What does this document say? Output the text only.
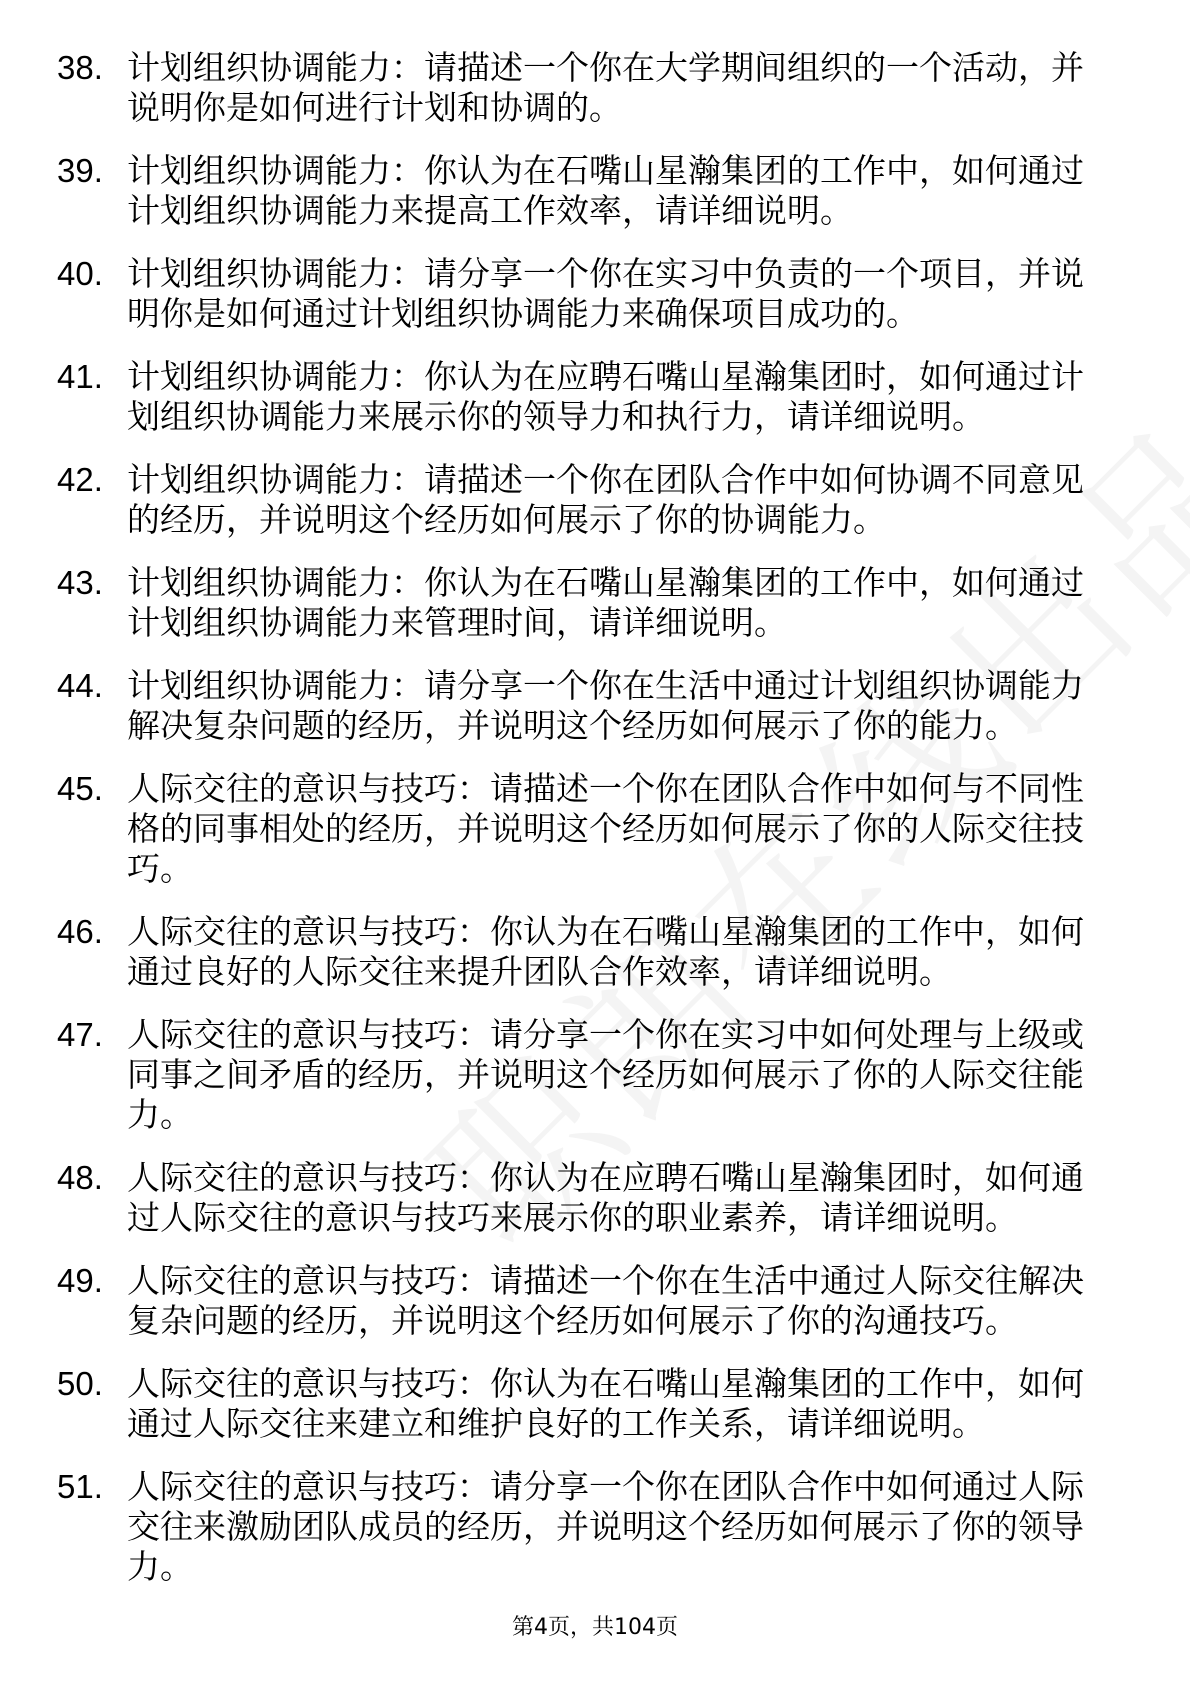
38. 计划组织协调能力：请描述一个你在大学期间组织的一个活动，并说明你是如何进行计划和协调的。
39. 计划组织协调能力：你认为在石嘴山星瀚集团的工作中，如何通过计划组织协调能力来提高工作效率，请详细说明。
40. 计划组织协调能力：请分享一个你在实习中负责的一个项目，并说明你是如何通过计划组织协调能力来确保项目成功的。
41. 计划组织协调能力：你认为在应聘石嘴山星瀚集团时，如何通过计划组织协调能力来展示你的领导力和执行力，请详细说明。
42. 计划组织协调能力：请描述一个你在团队合作中如何协调不同意见的经历，并说明这个经历如何展示了你的协调能力。
43. 计划组织协调能力：你认为在石嘴山星瀚集团的工作中，如何通过计划组织协调能力来管理时间，请详细说明。
44. 计划组织协调能力：请分享一个你在生活中通过计划组织协调能力解决复杂问题的经历，并说明这个经历如何展示了你的能力。
45. 人际交往的意识与技巧：请描述一个你在团队合作中如何与不同性格的同事相处的经历，并说明这个经历如何展示了你的人际交往技巧。
46. 人际交往的意识与技巧：你认为在石嘴山星瀚集团的工作中，如何通过良好的人际交往来提升团队合作效率，请详细说明。
47. 人际交往的意识与技巧：请分享一个你在实习中如何处理与上级或同事之间矛盾的经历，并说明这个经历如何展示了你的人际交往能力。
48. 人际交往的意识与技巧：你认为在应聘石嘴山星瀚集团时，如何通过人际交往的意识与技巧来展示你的职业素养，请详细说明。
49. 人际交往的意识与技巧：请描述一个你在生活中通过人际交往解决复杂问题的经历，并说明这个经历如何展示了你的沟通技巧。
50. 人际交往的意识与技巧：你认为在石嘴山星瀚集团的工作中，如何通过人际交往来建立和维护良好的工作关系，请详细说明。
51. 人际交往的意识与技巧：请分享一个你在团队合作中如何通过人际交往来激励团队成员的经历，并说明这个经历如何展示了你的领导力。
第4页，共104页
